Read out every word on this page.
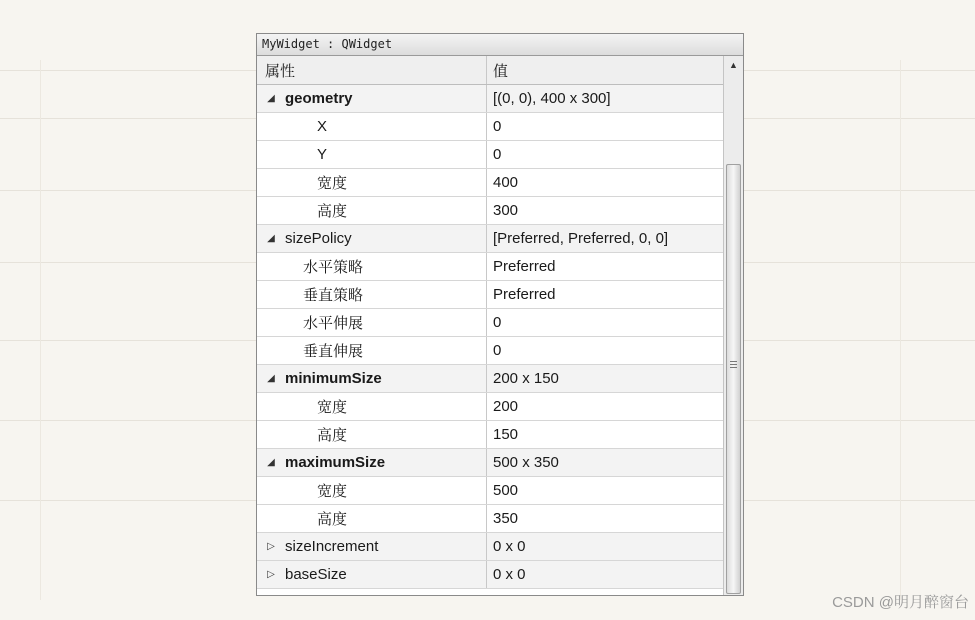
MyWidget : QWidget
属性	值
◢ geometry	[(0, 0), 400 x 300]
X	0
Y	0
宽度	400
高度	300
◢ sizePolicy	[Preferred, Preferred, 0, 0]
水平策略	Preferred
垂直策略	Preferred
水平伸展	0
垂直伸展	0
◢ minimumSize	200 x 150
宽度	200
高度	150
◢ maximumSize	500 x 350
宽度	500
高度	350
▷ sizeIncrement	0 x 0
▷ baseSize	0 x 0
▲
CSDN @明月醉窗台
